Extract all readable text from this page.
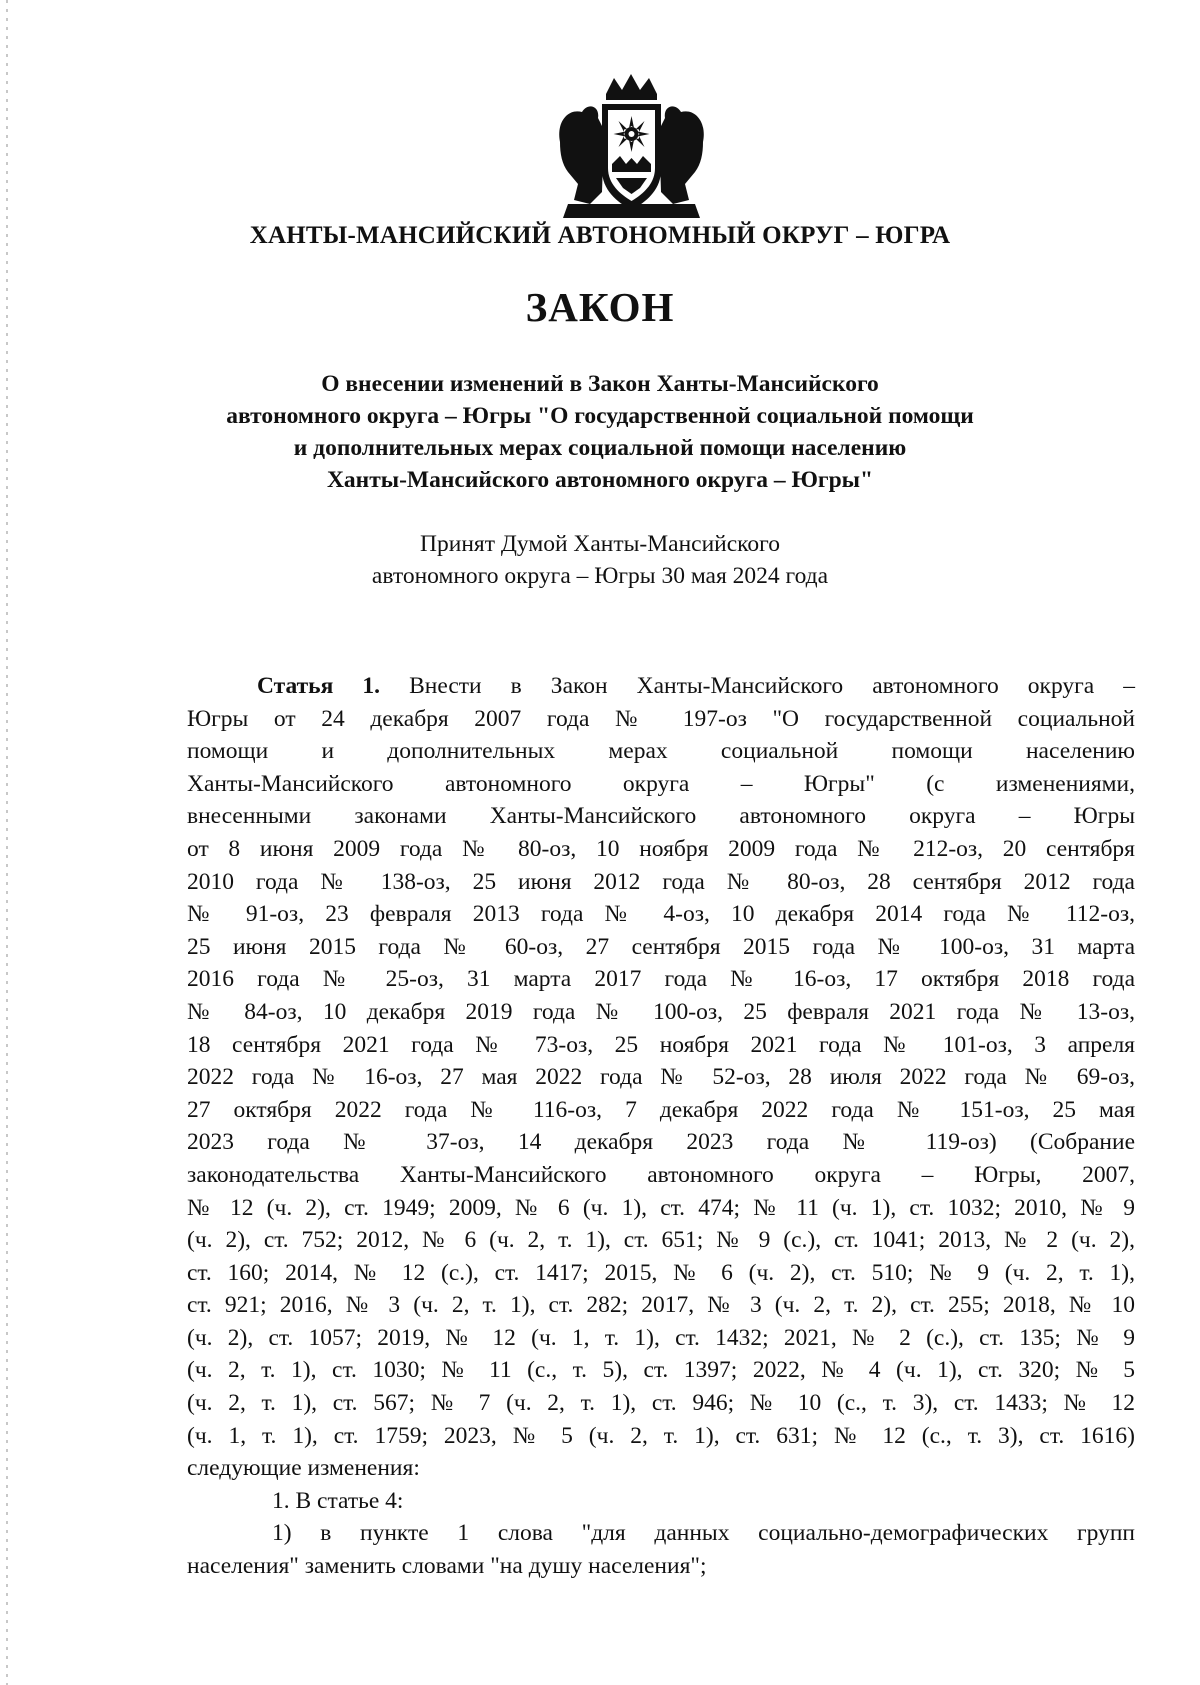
ХАНТЫ-МАНСИЙСКИЙ АВТОНОМНЫЙ ОКРУГ – ЮГРА
ЗАКОН
О внесении изменений в Закон Ханты-Мансийского
автономного округа – Югры "О государственной социальной помощи
и дополнительных мерах социальной помощи населению
Ханты-Мансийского автономного округа – Югры"
Принят Думой Ханты-Мансийского
автономного округа – Югры 30 мая 2024 года
Статья 1. Внести в Закон Ханты-Мансийского автономного округа –
Югры от 24 декабря 2007 года № 197-оз "О государственной социальной
помощи и дополнительных мерах социальной помощи населению
Ханты-Мансийского автономного округа – Югры" (с изменениями,
внесенными законами Ханты-Мансийского автономного округа – Югры
от 8 июня 2009 года № 80-оз, 10 ноября 2009 года № 212-оз, 20 сентября
2010 года № 138-оз, 25 июня 2012 года № 80-оз, 28 сентября 2012 года
№ 91-оз, 23 февраля 2013 года № 4-оз, 10 декабря 2014 года № 112-оз,
25 июня 2015 года № 60-оз, 27 сентября 2015 года № 100-оз, 31 марта
2016 года № 25-оз, 31 марта 2017 года № 16-оз, 17 октября 2018 года
№ 84-оз, 10 декабря 2019 года № 100-оз, 25 февраля 2021 года № 13-оз,
18 сентября 2021 года № 73-оз, 25 ноября 2021 года № 101-оз, 3 апреля
2022 года № 16-оз, 27 мая 2022 года № 52-оз, 28 июля 2022 года № 69-оз,
27 октября 2022 года № 116-оз, 7 декабря 2022 года № 151-оз, 25 мая
2023 года № 37-оз, 14 декабря 2023 года № 119-оз) (Собрание
законодательства Ханты-Мансийского автономного округа – Югры, 2007,
№ 12 (ч. 2), ст. 1949; 2009, № 6 (ч. 1), ст. 474; № 11 (ч. 1), ст. 1032; 2010, № 9
(ч. 2), ст. 752; 2012, № 6 (ч. 2, т. 1), ст. 651; № 9 (с.), ст. 1041; 2013, № 2 (ч. 2),
ст. 160; 2014, № 12 (с.), ст. 1417; 2015, № 6 (ч. 2), ст. 510; № 9 (ч. 2, т. 1),
ст. 921; 2016, № 3 (ч. 2, т. 1), ст. 282; 2017, № 3 (ч. 2, т. 2), ст. 255; 2018, № 10
(ч. 2), ст. 1057; 2019, № 12 (ч. 1, т. 1), ст. 1432; 2021, № 2 (с.), ст. 135; № 9
(ч. 2, т. 1), ст. 1030; № 11 (с., т. 5), ст. 1397; 2022, № 4 (ч. 1), ст. 320; № 5
(ч. 2, т. 1), ст. 567; № 7 (ч. 2, т. 1), ст. 946; № 10 (с., т. 3), ст. 1433; № 12
(ч. 1, т. 1), ст. 1759; 2023, № 5 (ч. 2, т. 1), ст. 631; № 12 (с., т. 3), ст. 1616)
следующие изменения:
1. В статье 4:
1) в пункте 1 слова "для данных социально-демографических групп
населения" заменить словами "на душу населения";
